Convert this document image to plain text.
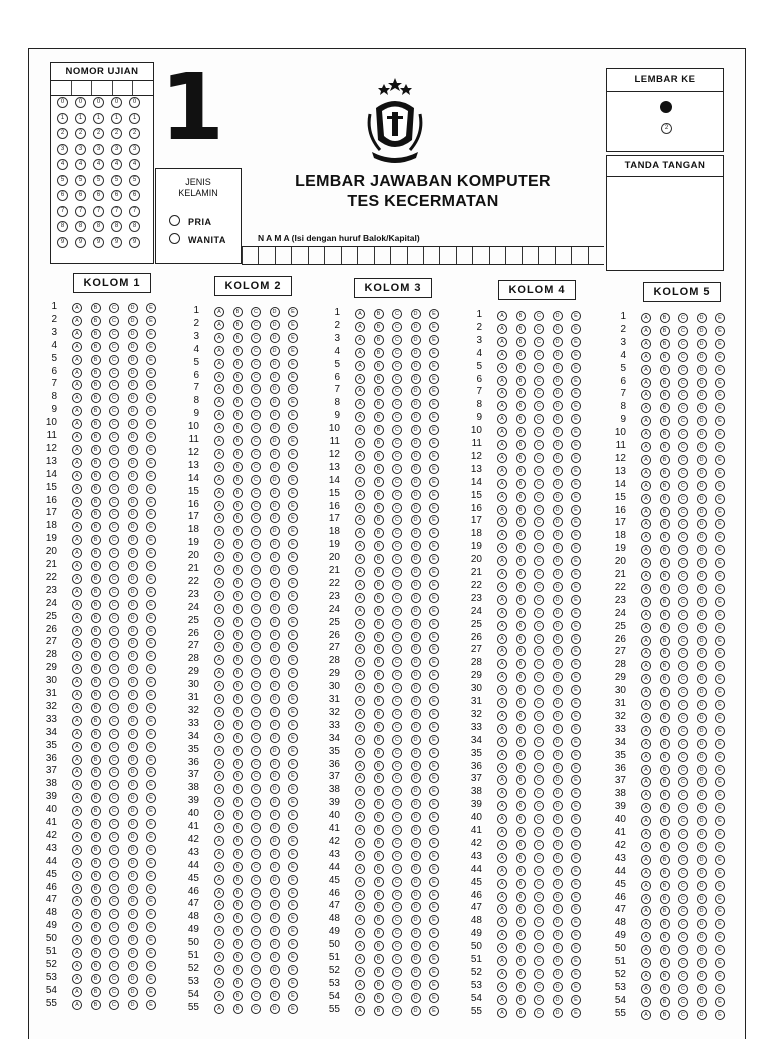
NOMOR UJIAN
0	0	0	0	0
1	1	1	1	1
2	2	2	2	2
3	3	3	3	3
4	4	4	4	4
5	5	5	5	5
6	6	6	6	6
7	7	7	7	7
8	8	8	8	8
9	9	9	9	9
1
LEMBAR JAWABAN KOMPUTER
TES KECERMATAN
JENIS KELAMIN
PRIA
WANITA	N A M A (Isi dengan huruf Balok/Kapital)
LEMBAR KE
2
TANDA TANGAN
KOLOM 1
1	A	B	C	D	E
2	A	B	C	D	E
3	A	B	C	D	E
4	A	B	C	D	E
5	A	B	C	D	E
6	A	B	C	D	E
7	A	B	C	D	E
8	A	B	C	D	E
9	A	B	C	D	E
10	A	B	C	D	E
11	A	B	C	D	E
12	A	B	C	D	E
13	A	B	C	D	E
14	A	B	C	D	E
15	A	B	C	D	E
16	A	B	C	D	E
17	A	B	C	D	E
18	A	B	C	D	E
19	A	B	C	D	E
20	A	B	C	D	E
21	A	B	C	D	E
22	A	B	C	D	E
23	A	B	C	D	E
24	A	B	C	D	E
25	A	B	C	D	E
26	A	B	C	D	E
27	A	B	C	D	E
28	A	B	C	D	E
29	A	B	C	D	E
30	A	B	C	D	E
31	A	B	C	D	E
32	A	B	C	D	E
33	A	B	C	D	E
34	A	B	C	D	E
35	A	B	C	D	E
36	A	B	C	D	E
37	A	B	C	D	E
38	A	B	C	D	E
39	A	B	C	D	E
40	A	B	C	D	E
41	A	B	C	D	E
42	A	B	C	D	E
43	A	B	C	D	E
44	A	B	C	D	E
45	A	B	C	D	E
46	A	B	C	D	E
47	A	B	C	D	E
48	A	B	C	D	E
49	A	B	C	D	E
50	A	B	C	D	E
51	A	B	C	D	E
52	A	B	C	D	E
53	A	B	C	D	E
54	A	B	C	D	E
55	A	B	C	D	E
KOLOM 2
1	A	B	C	D	E
2	A	B	C	D	E
3	A	B	C	D	E
4	A	B	C	D	E
5	A	B	C	D	E
6	A	B	C	D	E
7	A	B	C	D	E
8	A	B	C	D	E
9	A	B	C	D	E
10	A	B	C	D	E
11	A	B	C	D	E
12	A	B	C	D	E
13	A	B	C	D	E
14	A	B	C	D	E
15	A	B	C	D	E
16	A	B	C	D	E
17	A	B	C	D	E
18	A	B	C	D	E
19	A	B	C	D	E
20	A	B	C	D	E
21	A	B	C	D	E
22	A	B	C	D	E
23	A	B	C	D	E
24	A	B	C	D	E
25	A	B	C	D	E
26	A	B	C	D	E
27	A	B	C	D	E
28	A	B	C	D	E
29	A	B	C	D	E
30	A	B	C	D	E
31	A	B	C	D	E
32	A	B	C	D	E
33	A	B	C	D	E
34	A	B	C	D	E
35	A	B	C	D	E
36	A	B	C	D	E
37	A	B	C	D	E
38	A	B	C	D	E
39	A	B	C	D	E
40	A	B	C	D	E
41	A	B	C	D	E
42	A	B	C	D	E
43	A	B	C	D	E
44	A	B	C	D	E
45	A	B	C	D	E
46	A	B	C	D	E
47	A	B	C	D	E
48	A	B	C	D	E
49	A	B	C	D	E
50	A	B	C	D	E
51	A	B	C	D	E
52	A	B	C	D	E
53	A	B	C	D	E
54	A	B	C	D	E
55	A	B	C	D	E
KOLOM 3
1	A	B	C	D	E
2	A	B	C	D	E
3	A	B	C	D	E
4	A	B	C	D	E
5	A	B	C	D	E
6	A	B	C	D	E
7	A	B	C	D	E
8	A	B	C	D	E
9	A	B	C	D	E
10	A	B	C	D	E
11	A	B	C	D	E
12	A	B	C	D	E
13	A	B	C	D	E
14	A	B	C	D	E
15	A	B	C	D	E
16	A	B	C	D	E
17	A	B	C	D	E
18	A	B	C	D	E
19	A	B	C	D	E
20	A	B	C	D	E
21	A	B	C	D	E
22	A	B	C	D	E
23	A	B	C	D	E
24	A	B	C	D	E
25	A	B	C	D	E
26	A	B	C	D	E
27	A	B	C	D	E
28	A	B	C	D	E
29	A	B	C	D	E
30	A	B	C	D	E
31	A	B	C	D	E
32	A	B	C	D	E
33	A	B	C	D	E
34	A	B	C	D	E
35	A	B	C	D	E
36	A	B	C	D	E
37	A	B	C	D	E
38	A	B	C	D	E
39	A	B	C	D	E
40	A	B	C	D	E
41	A	B	C	D	E
42	A	B	C	D	E
43	A	B	C	D	E
44	A	B	C	D	E
45	A	B	C	D	E
46	A	B	C	D	E
47	A	B	C	D	E
48	A	B	C	D	E
49	A	B	C	D	E
50	A	B	C	D	E
51	A	B	C	D	E
52	A	B	C	D	E
53	A	B	C	D	E
54	A	B	C	D	E
55	A	B	C	D	E
KOLOM 4
1	A	B	C	D	E
2	A	B	C	D	E
3	A	B	C	D	E
4	A	B	C	D	E
5	A	B	C	D	E
6	A	B	C	D	E
7	A	B	C	D	E
8	A	B	C	D	E
9	A	B	C	D	E
10	A	B	C	D	E
11	A	B	C	D	E
12	A	B	C	D	E
13	A	B	C	D	E
14	A	B	C	D	E
15	A	B	C	D	E
16	A	B	C	D	E
17	A	B	C	D	E
18	A	B	C	D	E
19	A	B	C	D	E
20	A	B	C	D	E
21	A	B	C	D	E
22	A	B	C	D	E
23	A	B	C	D	E
24	A	B	C	D	E
25	A	B	C	D	E
26	A	B	C	D	E
27	A	B	C	D	E
28	A	B	C	D	E
29	A	B	C	D	E
30	A	B	C	D	E
31	A	B	C	D	E
32	A	B	C	D	E
33	A	B	C	D	E
34	A	B	C	D	E
35	A	B	C	D	E
36	A	B	C	D	E
37	A	B	C	D	E
38	A	B	C	D	E
39	A	B	C	D	E
40	A	B	C	D	E
41	A	B	C	D	E
42	A	B	C	D	E
43	A	B	C	D	E
44	A	B	C	D	E
45	A	B	C	D	E
46	A	B	C	D	E
47	A	B	C	D	E
48	A	B	C	D	E
49	A	B	C	D	E
50	A	B	C	D	E
51	A	B	C	D	E
52	A	B	C	D	E
53	A	B	C	D	E
54	A	B	C	D	E
55	A	B	C	D	E
KOLOM 5
1	A	B	C	D	E
2	A	B	C	D	E
3	A	B	C	D	E
4	A	B	C	D	E
5	A	B	C	D	E
6	A	B	C	D	E
7	A	B	C	D	E
8	A	B	C	D	E
9	A	B	C	D	E
10	A	B	C	D	E
11	A	B	C	D	E
12	A	B	C	D	E
13	A	B	C	D	E
14	A	B	C	D	E
15	A	B	C	D	E
16	A	B	C	D	E
17	A	B	C	D	E
18	A	B	C	D	E
19	A	B	C	D	E
20	A	B	C	D	E
21	A	B	C	D	E
22	A	B	C	D	E
23	A	B	C	D	E
24	A	B	C	D	E
25	A	B	C	D	E
26	A	B	C	D	E
27	A	B	C	D	E
28	A	B	C	D	E
29	A	B	C	D	E
30	A	B	C	D	E
31	A	B	C	D	E
32	A	B	C	D	E
33	A	B	C	D	E
34	A	B	C	D	E
35	A	B	C	D	E
36	A	B	C	D	E
37	A	B	C	D	E
38	A	B	C	D	E
39	A	B	C	D	E
40	A	B	C	D	E
41	A	B	C	D	E
42	A	B	C	D	E
43	A	B	C	D	E
44	A	B	C	D	E
45	A	B	C	D	E
46	A	B	C	D	E
47	A	B	C	D	E
48	A	B	C	D	E
49	A	B	C	D	E
50	A	B	C	D	E
51	A	B	C	D	E
52	A	B	C	D	E
53	A	B	C	D	E
54	A	B	C	D	E
55	A	B	C	D	E
